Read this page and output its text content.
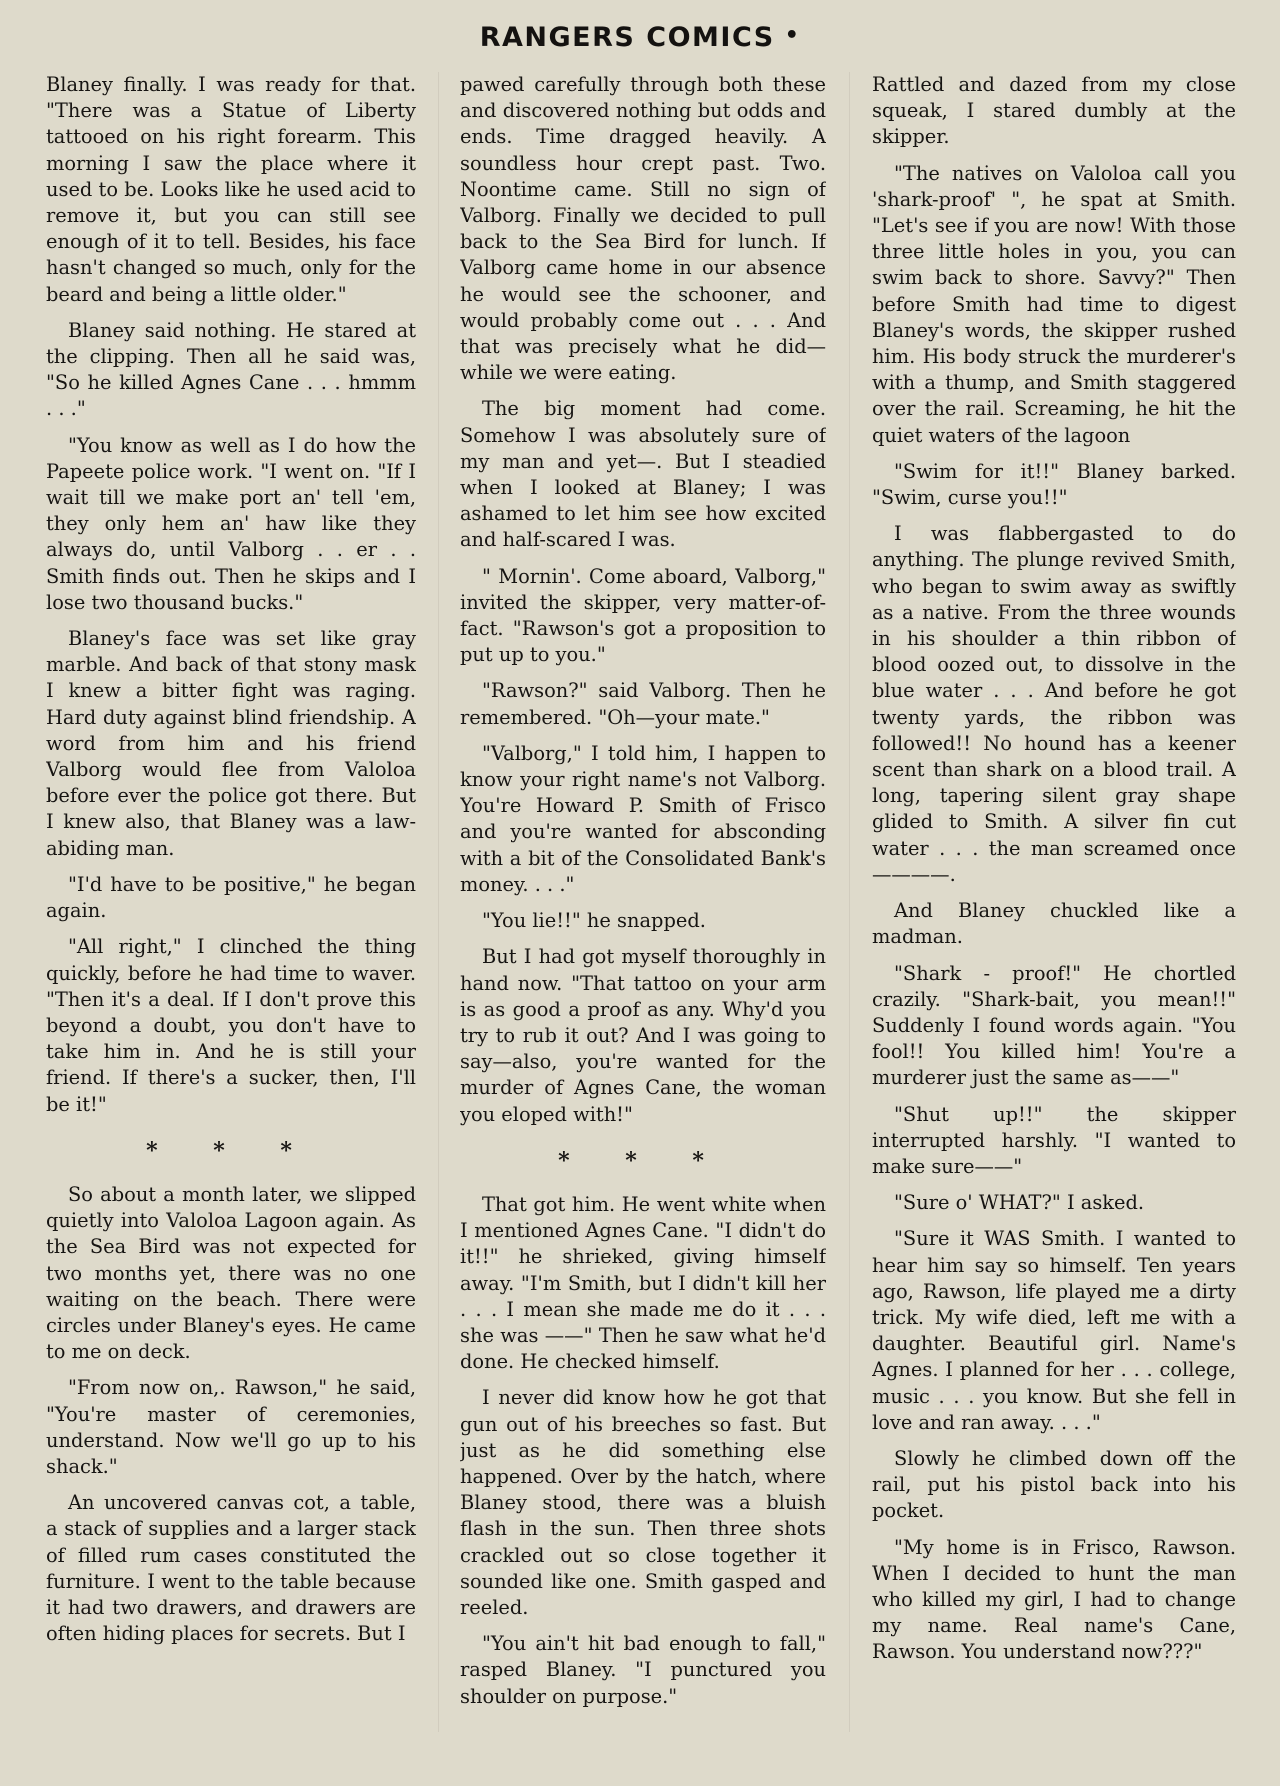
RANGERS COMICS •

Blaney finally. I was ready for that. "There was a Statue of Liberty tattooed on his right forearm. This morning I saw the place where it used to be. Looks like he used acid to remove it, but you can still see enough of it to tell. Besides, his face hasn't changed so much, only for the beard and being a little older."

Blaney said nothing. He stared at the clipping. Then all he said was, "So he killed Agnes Cane . . . hmmm . . ."

"You know as well as I do how the Papeete police work. "I went on. "If I wait till we make port an' tell 'em, they only hem an' haw like they always do, until Valborg . . er . . Smith finds out. Then he skips and I lose two thousand bucks."

Blaney's face was set like gray marble. And back of that stony mask I knew a bitter fight was raging. Hard duty against blind friendship. A word from him and his friend Valborg would flee from Valoloa before ever the police got there. But I knew also, that Blaney was a law-abiding man.

"I'd have to be positive," he began again.

"All right," I clinched the thing quickly, before he had time to waver. "Then it's a deal. If I don't prove this beyond a doubt, you don't have to take him in. And he is still your friend. If there's a sucker, then, I'll be it!"

* * *

So about a month later, we slipped quietly into Valoloa Lagoon again. As the Sea Bird was not expected for two months yet, there was no one waiting on the beach. There were circles under Blaney's eyes. He came to me on deck.

"From now on,. Rawson," he said, "You're master of ceremonies, understand. Now we'll go up to his shack."

An uncovered canvas cot, a table, a stack of supplies and a larger stack of filled rum cases constituted the furniture. I went to the table because it had two drawers, and drawers are often hiding places for secrets. But I

pawed carefully through both these and discovered nothing but odds and ends. Time dragged heavily. A soundless hour crept past. Two. Noontime came. Still no sign of Valborg. Finally we decided to pull back to the Sea Bird for lunch. If Valborg came home in our absence he would see the schooner, and would probably come out . . . And that was precisely what he did—while we were eating.

The big moment had come. Somehow I was absolutely sure of my man and yet—. But I steadied when I looked at Blaney; I was ashamed to let him see how excited and half-scared I was.

" Mornin'. Come aboard, Valborg," invited the skipper, very matter-of-fact. "Rawson's got a proposition to put up to you."

"Rawson?" said Valborg. Then he remembered. "Oh—your mate."

"Valborg," I told him, I happen to know your right name's not Valborg. You're Howard P. Smith of Frisco and you're wanted for absconding with a bit of the Consolidated Bank's money. . . ."

"You lie!!" he snapped.

But I had got myself thoroughly in hand now. "That tattoo on your arm is as good a proof as any. Why'd you try to rub it out? And I was going to say—also, you're wanted for the murder of Agnes Cane, the woman you eloped with!"

* * *

That got him. He went white when I mentioned Agnes Cane. "I didn't do it!!" he shrieked, giving himself away. "I'm Smith, but I didn't kill her . . . I mean she made me do it . . . she was ——" Then he saw what he'd done. He checked himself.

I never did know how he got that gun out of his breeches so fast. But just as he did something else happened. Over by the hatch, where Blaney stood, there was a bluish flash in the sun. Then three shots crackled out so close together it sounded like one. Smith gasped and reeled.

"You ain't hit bad enough to fall," rasped Blaney. "I punctured you shoulder on purpose."

Rattled and dazed from my close squeak, I stared dumbly at the skipper.

"The natives on Valoloa call you 'shark-proof' ", he spat at Smith. "Let's see if you are now! With those three little holes in you, you can swim back to shore. Savvy?" Then before Smith had time to digest Blaney's words, the skipper rushed him. His body struck the murderer's with a thump, and Smith staggered over the rail. Screaming, he hit the quiet waters of the lagoon

"Swim for it!!" Blaney barked. "Swim, curse you!!"

I was flabbergasted to do anything. The plunge revived Smith, who began to swim away as swiftly as a native. From the three wounds in his shoulder a thin ribbon of blood oozed out, to dissolve in the blue water . . . And before he got twenty yards, the ribbon was followed!! No hound has a keener scent than shark on a blood trail. A long, tapering silent gray shape glided to Smith. A silver fin cut water . . . the man screamed once ————.

And Blaney chuckled like a madman.

"Shark - proof!" He chortled crazily. "Shark-bait, you mean!!" Suddenly I found words again. "You fool!! You killed him! You're a murderer just the same as——"

"Shut up!!" the skipper interrupted harshly. "I wanted to make sure——"

"Sure o' WHAT?" I asked.

"Sure it WAS Smith. I wanted to hear him say so himself. Ten years ago, Rawson, life played me a dirty trick. My wife died, left me with a daughter. Beautiful girl. Name's Agnes. I planned for her . . . college, music . . . you know. But she fell in love and ran away. . . ."

Slowly he climbed down off the rail, put his pistol back into his pocket.

"My home is in Frisco, Rawson. When I decided to hunt the man who killed my girl, I had to change my name. Real name's Cane, Rawson. You understand now???"
